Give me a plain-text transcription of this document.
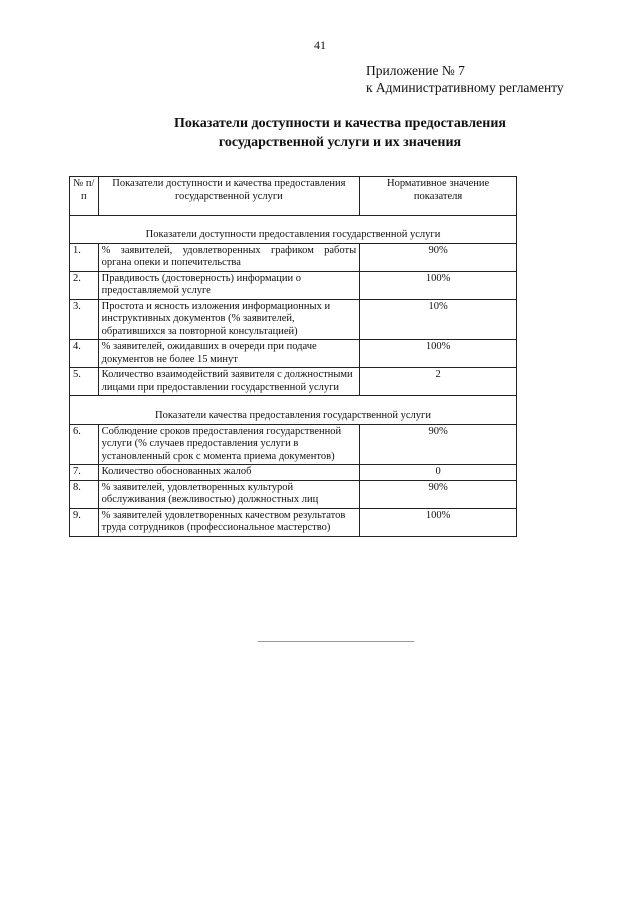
41
Приложение № 7
к Административному регламенту
Показатели доступности и качества предоставления
государственной услуги и их значения
№ п/п	Показатели доступности и качества предоставления государственной услуги	Нормативное значение показателя
Показатели доступности предоставления государственной услуги		
1.	% заявителей, удовлетворенных графиком работы органа опеки и попечительства	90%
2.	Правдивость (достоверность) информации о предоставляемой услуге	100%
3.	Простота и ясность изложения информационных и инструктивных документов (% заявителей, обратившихся за повторной консультацией)	10%
4.	% заявителей, ожидавших в очереди при подаче документов не более 15 минут	100%
5.	Количество взаимодействий заявителя с должностными лицами при предоставлении государственной услуги	2
Показатели качества предоставления государственной услуги		
6.	Соблюдение сроков предоставления государственной услуги (% случаев предоставления услуги в установленный срок с момента приема документов)	90%
7.	Количество обоснованных жалоб	0
8.	% заявителей, удовлетворенных культурой обслуживания (вежливостью) должностных лиц	90%
9.	% заявителей удовлетворенных качеством результатов труда сотрудников (профессиональное мастерство)	100%
